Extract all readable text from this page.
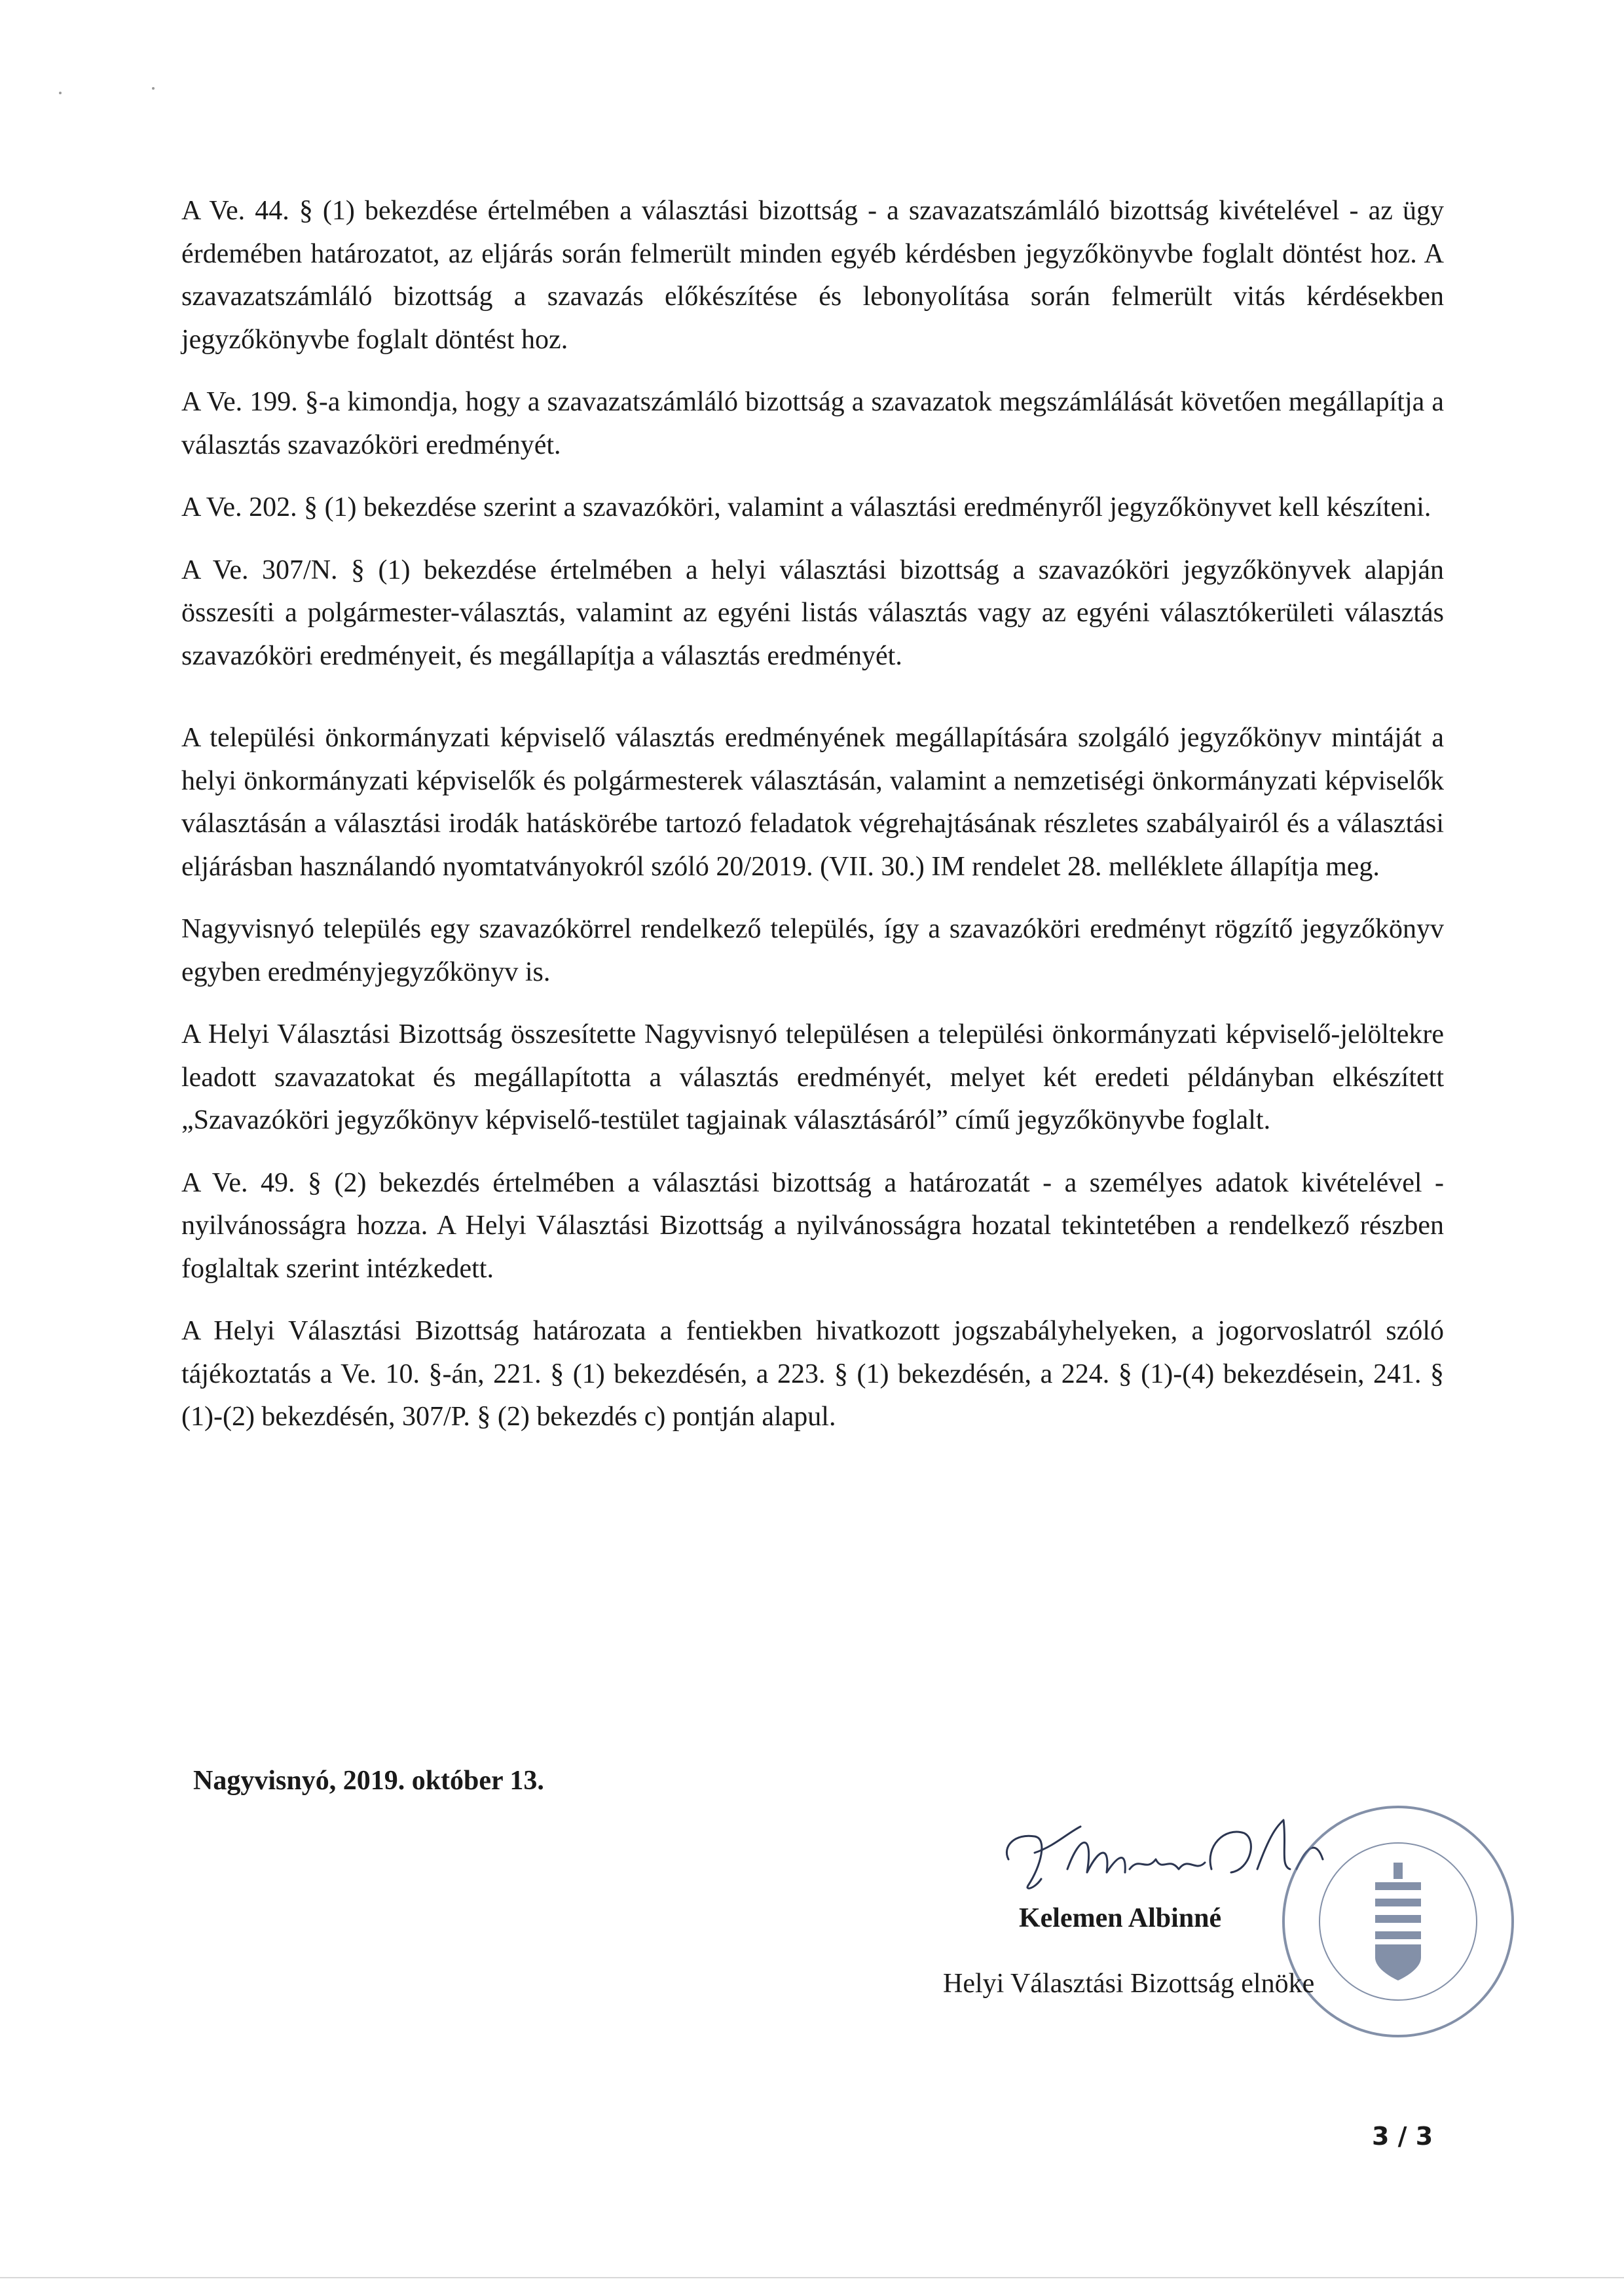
A Ve. 44. § (1) bekezdése értelmében a választási bizottság - a szavazatszámláló bizottság kivételével - az ügy érdemében határozatot, az eljárás során felmerült minden egyéb kérdésben jegyzőkönyvbe foglalt döntést hoz. A szavazatszámláló bizottság a szavazás előkészítése és lebonyolítása során felmerült vitás kérdésekben jegyzőkönyvbe foglalt döntést hoz.

A Ve. 199. §-a kimondja, hogy a szavazatszámláló bizottság a szavazatok megszámlálását követően megállapítja a választás szavazóköri eredményét.

A Ve. 202. § (1) bekezdése szerint a szavazóköri, valamint a választási eredményről jegyzőkönyvet kell készíteni.

A Ve. 307/N. § (1) bekezdése értelmében a helyi választási bizottság a szavazóköri jegyzőkönyvek alapján összesíti a polgármester-választás, valamint az egyéni listás választás vagy az egyéni választókerületi választás szavazóköri eredményeit, és megállapítja a választás eredményét.

A települési önkormányzati képviselő választás eredményének megállapítására szolgáló jegyzőkönyv mintáját a helyi önkormányzati képviselők és polgármesterek választásán, valamint a nemzetiségi önkormányzati képviselők választásán a választási irodák hatáskörébe tartozó feladatok végrehajtásának részletes szabályairól és a választási eljárásban használandó nyomtatványokról szóló 20/2019. (VII. 30.) IM rendelet 28. melléklete állapítja meg.

Nagyvisnyó település egy szavazókörrel rendelkező település, így a szavazóköri eredményt rögzítő jegyzőkönyv egyben eredményjegyzőkönyv is.

A Helyi Választási Bizottság összesítette Nagyvisnyó településen a települési önkormányzati képviselő-jelöltekre leadott szavazatokat és megállapította a választás eredményét, melyet két eredeti példányban elkészített „Szavazóköri jegyzőkönyv képviselő-testület tagjainak választásáról” című jegyzőkönyvbe foglalt.

A Ve. 49. § (2) bekezdés értelmében a választási bizottság a határozatát - a személyes adatok kivételével - nyilvánosságra hozza. A Helyi Választási Bizottság a nyilvánosságra hozatal tekintetében a rendelkező részben foglaltak szerint intézkedett.

A Helyi Választási Bizottság határozata a fentiekben hivatkozott jogszabályhelyeken, a jogorvoslatról szóló tájékoztatás a Ve. 10. §-án, 221. § (1) bekezdésén, a 223. § (1) bekezdésén, a 224. § (1)-(4) bekezdésein, 241. § (1)-(2) bekezdésén, 307/P. § (2) bekezdés c) pontján alapul.

Nagyvisnyó, 2019. október 13.
Kelemen Albinné
Helyi Választási Bizottság elnöke
3 / 3
